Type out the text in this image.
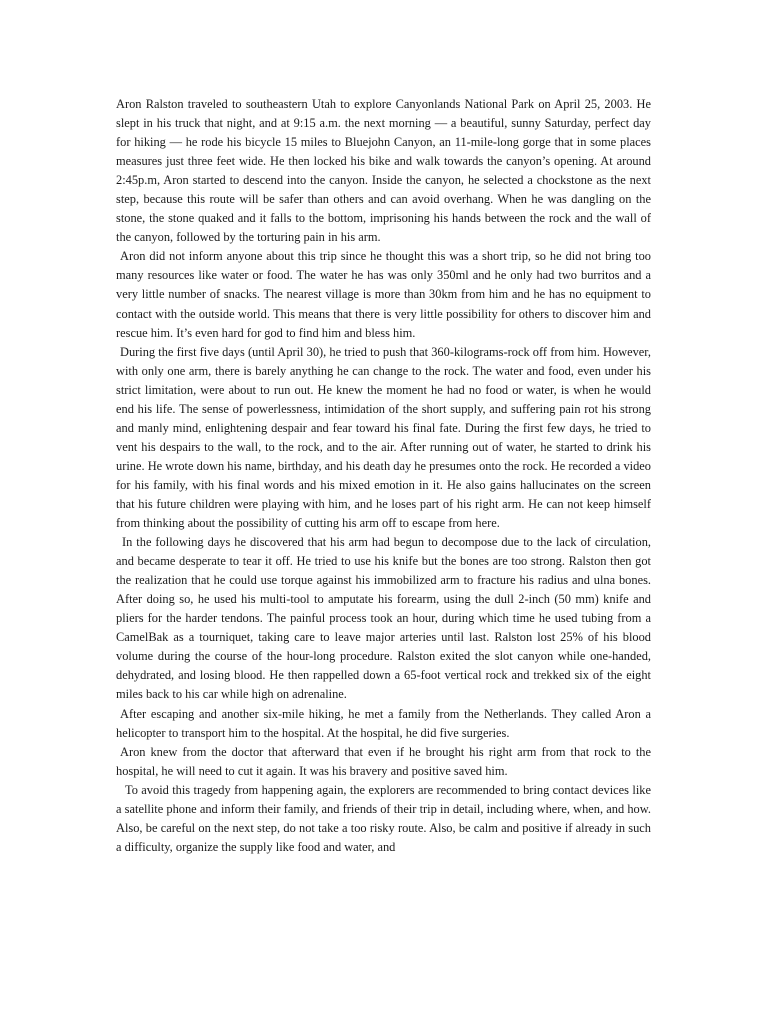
Aron Ralston traveled to southeastern Utah to explore Canyonlands National Park on April 25, 2003. He slept in his truck that night, and at 9:15 a.m. the next morning — a beautiful, sunny Saturday, perfect day for hiking — he rode his bicycle 15 miles to Bluejohn Canyon, an 11-mile-long gorge that in some places measures just three feet wide. He then locked his bike and walk towards the canyon’s opening. At around 2:45p.m, Aron started to descend into the canyon. Inside the canyon, he selected a chockstone as the next step, because this route will be safer than others and can avoid overhang. When he was dangling on the stone, the stone quaked and it falls to the bottom, imprisoning his hands between the rock and the wall of the canyon, followed by the torturing pain in his arm.

Aron did not inform anyone about this trip since he thought this was a short trip, so he did not bring too many resources like water or food. The water he has was only 350ml and he only had two burritos and a very little number of snacks. The nearest village is more than 30km from him and he has no equipment to contact with the outside world. This means that there is very little possibility for others to discover him and rescue him. It’s even hard for god to find him and bless him.

During the first five days (until April 30), he tried to push that 360-kilograms-rock off from him. However, with only one arm, there is barely anything he can change to the rock. The water and food, even under his strict limitation, were about to run out. He knew the moment he had no food or water, is when he would end his life. The sense of powerlessness, intimidation of the short supply, and suffering pain rot his strong and manly mind, enlightening despair and fear toward his final fate. During the first few days, he tried to vent his despairs to the wall, to the rock, and to the air. After running out of water, he started to drink his urine. He wrote down his name, birthday, and his death day he presumes onto the rock. He recorded a video for his family, with his final words and his mixed emotion in it. He also gains hallucinates on the screen that his future children were playing with him, and he loses part of his right arm. He can not keep himself from thinking about the possibility of cutting his arm off to escape from here.

In the following days he discovered that his arm had begun to decompose due to the lack of circulation, and became desperate to tear it off. He tried to use his knife but the bones are too strong. Ralston then got the realization that he could use torque against his immobilized arm to fracture his radius and ulna bones. After doing so, he used his multi-tool to amputate his forearm, using the dull 2-inch (50 mm) knife and pliers for the harder tendons. The painful process took an hour, during which time he used tubing from a CamelBak as a tourniquet, taking care to leave major arteries until last. Ralston lost 25% of his blood volume during the course of the hour-long procedure. Ralston exited the slot canyon while one-handed, dehydrated, and losing blood. He then rappelled down a 65-foot vertical rock and trekked six of the eight miles back to his car while high on adrenaline.

After escaping and another six-mile hiking, he met a family from the Netherlands. They called Aron a helicopter to transport him to the hospital. At the hospital, he did five surgeries.

Aron knew from the doctor that afterward that even if he brought his right arm from that rock to the hospital, he will need to cut it again. It was his bravery and positive saved him.

To avoid this tragedy from happening again, the explorers are recommended to bring contact devices like a satellite phone and inform their family, and friends of their trip in detail, including where, when, and how. Also, be careful on the next step, do not take a too risky route. Also, be calm and positive if already in such a difficulty, organize the supply like food and water, and
